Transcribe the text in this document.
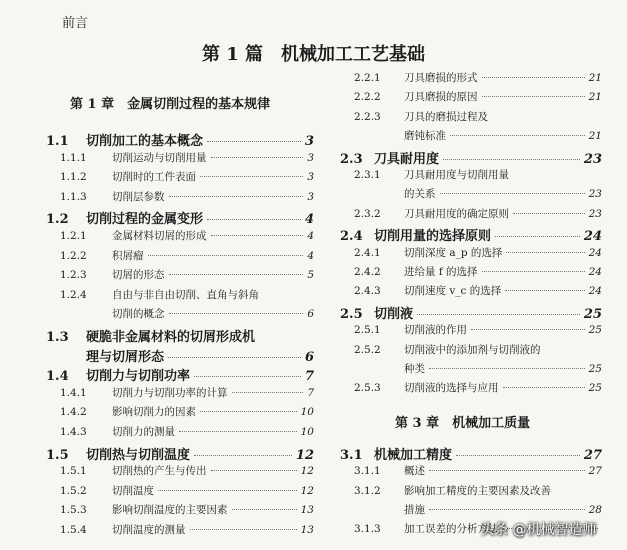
前言
第 1 篇　机械加工工艺基础
第 1 章　金属切削过程的基本规律
1.1	切削加工的基本概念	3
1.1.1	切削运动与切削用量	3
1.1.2	切削时的工件表面	3
1.1.3	切削层参数	3
1.2	切削过程的金属变形	4
1.2.1	金属材料切屑的形成	4
1.2.2	积屑瘤	4
1.2.3	切屑的形态	5
1.2.4	自由与非自由切削、直角与斜角
切削的概念	6
1.3	硬脆非金属材料的切屑形成机
理与切屑形态	6
1.4	切削力与切削功率	7
1.4.1	切削力与切削功率的计算	7
1.4.2	影响切削力的因素	10
1.4.3	切削力的测量	10
1.5	切削热与切削温度	12
1.5.1	切削热的产生与传出	12
1.5.2	切削温度	12
1.5.3	影响切削温度的主要因素	13
1.5.4	切削温度的测量	13
2.2.1	刀具磨损的形式	21
2.2.2	刀具磨损的原因	21
2.2.3	刀具的磨损过程及
磨钝标准	21
2.3 刀具耐用度	23
2.3.1	刀具耐用度与切削用量
的关系	23
2.3.2	刀具耐用度的确定原则	23
2.4 切削用量的选择原则	24
2.4.1	切削深度 a_p 的选择	24
2.4.2	进给量 f 的选择	24
2.4.3	切削速度 v_c 的选择	24
2.5 切削液	25
2.5.1	切削液的作用	25
2.5.2	切削液中的添加剂与切削液的
种类	25
2.5.3	切削液的选择与应用	25
第 3 章　机械加工质量
3.1 机械加工精度	27
3.1.1	概述	27
3.1.2	影响加工精度的主要因素及改善
措施	28
3.1.3	加工误差的分析方法
头条 @机械智造师
